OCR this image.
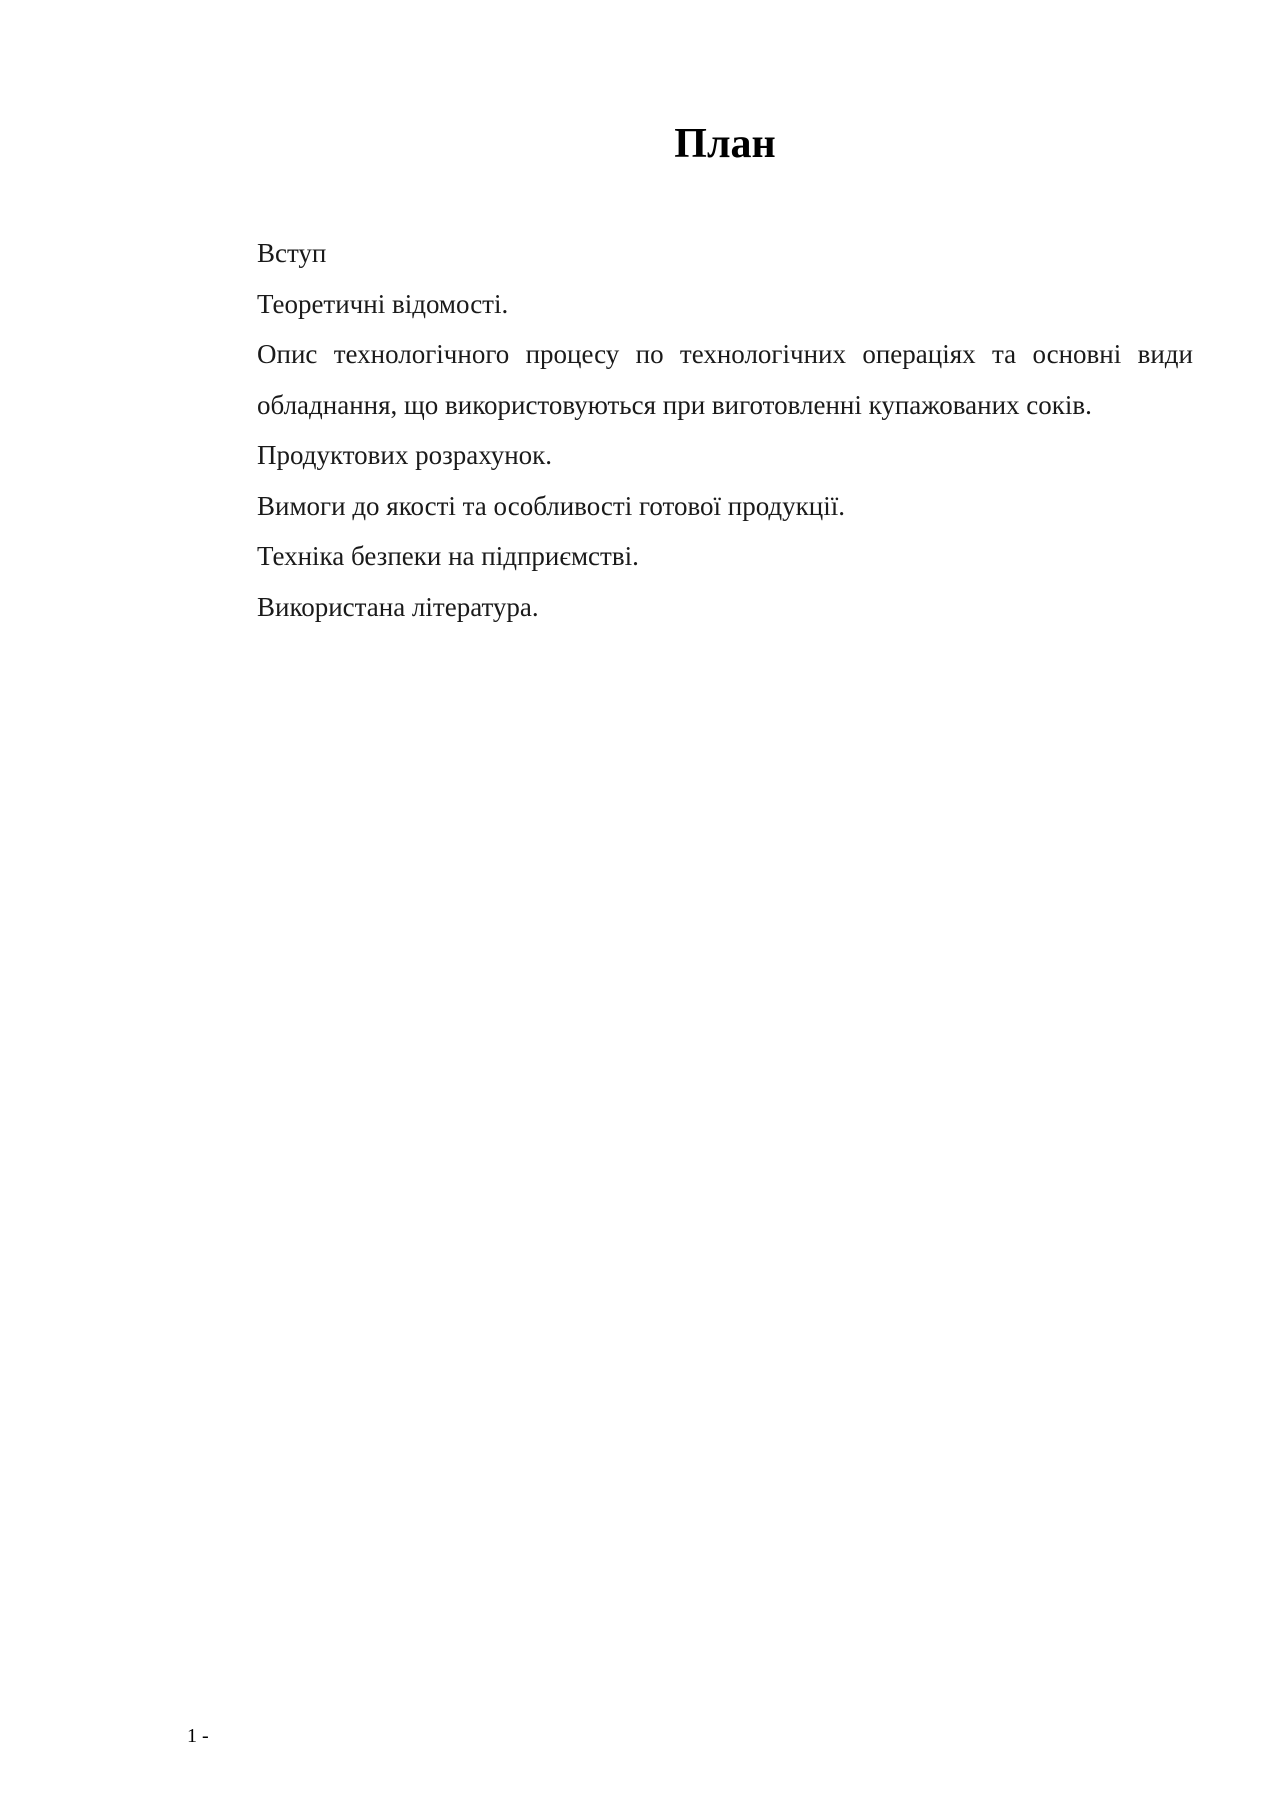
План
Вступ
Теоретичні відомості.
Опис технологічного процесу по технологічних операціях та основні види обладнання, що використовуються при виготовленні купажованих соків.
Продуктових розрахунок.
Вимоги до якості та особливості готової продукції.
Техніка безпеки на підприємстві.
Використана література.
1 -
